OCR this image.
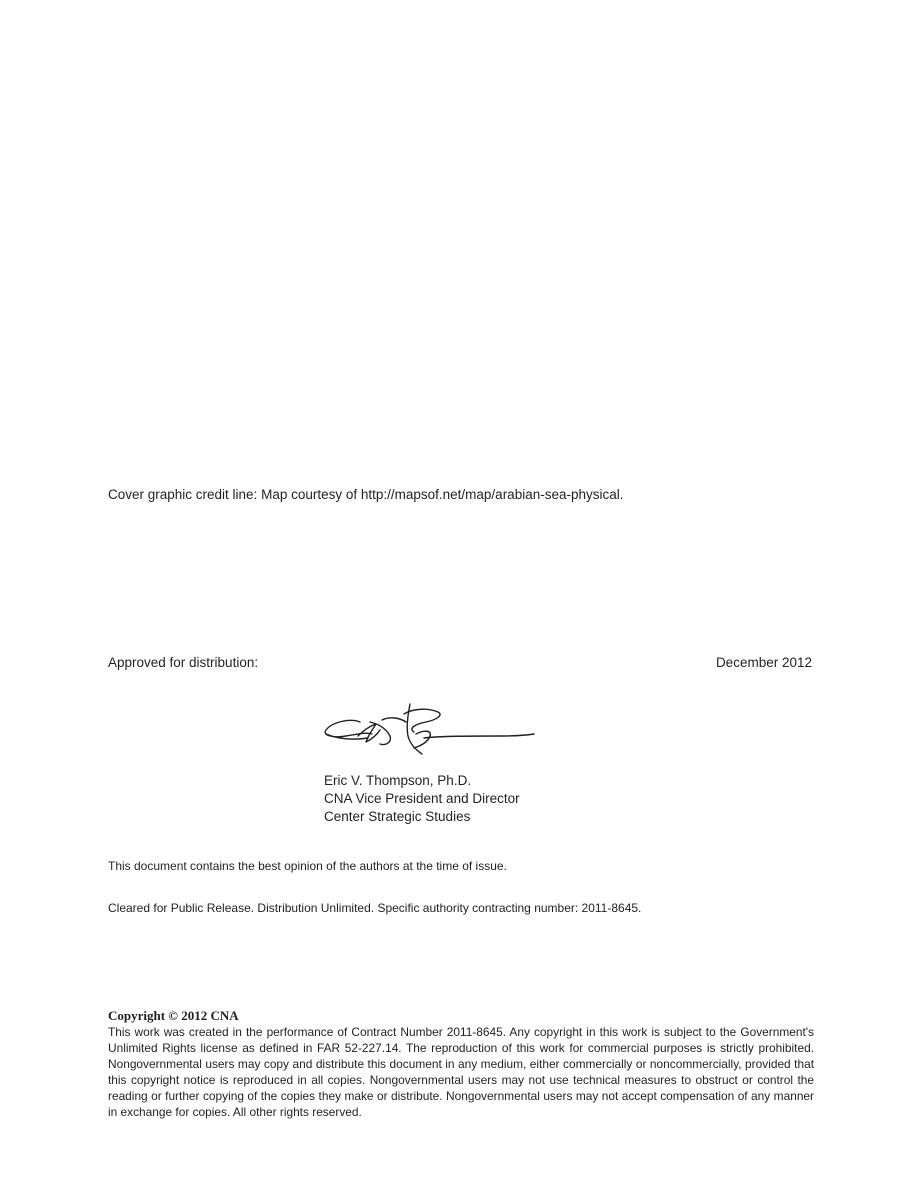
Cover graphic credit line: Map courtesy of http://mapsof.net/map/arabian-sea-physical.
Approved for distribution:	December 2012
Eric V. Thompson, Ph.D.
CNA Vice President and Director
Center Strategic Studies
This document contains the best opinion of the authors at the time of issue.
Cleared for Public Release. Distribution Unlimited. Specific authority contracting number: 2011-8645.
Copyright © 2012 CNA
This work was created in the performance of Contract Number 2011-8645. Any copyright in this work is subject to the Government's Unlimited Rights license as defined in FAR 52-227.14. The reproduction of this work for commercial purposes is strictly prohibited. Nongovernmental users may copy and distribute this document in any medium, either commercially or noncommercially, provided that this copyright notice is reproduced in all copies. Nongovernmental users may not use technical measures to obstruct or control the reading or further copying of the copies they make or distribute. Nongovernmental users may not accept compensation of any manner in exchange for copies. All other rights reserved.
